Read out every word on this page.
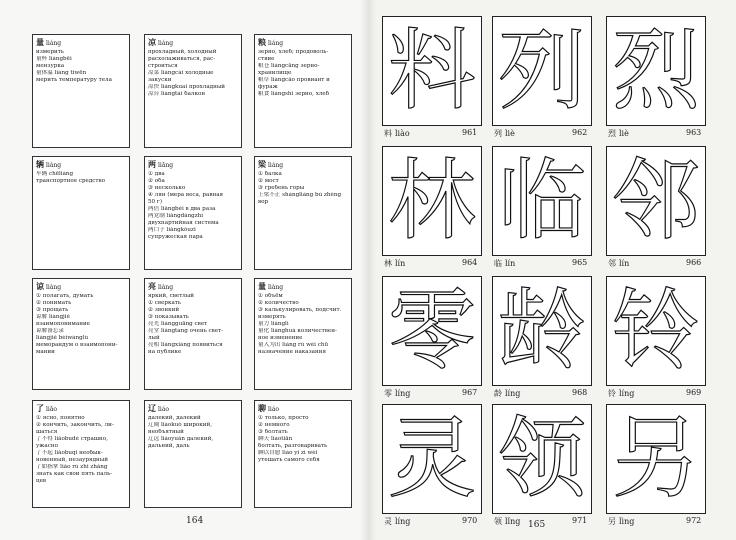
量 liáng
измерить
量杯 liángbēi
мензурка
量体温 liáng tǐwēn
мерить температуру тела
凉 liáng
прохладный, холодный
расхолаживаться, рас-
строиться
凉菜 liángcài холодные
закуски
凉快 liángkuai прохладный
凉台 liángtái балкон
粮 liáng
зерно, хлеб; продоволь-
ствие
粮仓 liángcāng зерно-
хранилище
粮草 liángcǎo провиант и
фураж
粮食 liángshi зерно, хлеб
辆 liàng
车辆 chēliàng
транспортное средство
两 liǎng
① два
② оба
③ несколько
④ лян (мера веса, равная
50 г)
两倍 liǎngbèi в два раза
两党制 liǎngdǎngzhì
двухпартийная система
两口子 liǎngkǒuzi
супружеская пара
梁 liáng
① балка
② мост
③ гребень горы
上梁不正 shàngliáng bú zhèng
вор
谅 liàng
① полагать, думать
② понимать
③ прощать
谅解 liàngjiě
взаимопонимание
谅解备忘录
liàngjiě bèiwànglù
меморандум о взаимопони-
мании
亮 liàng
яркий, светлый
① сверкать
② звонкий
③ показывать
亮光 liàngguāng свет
亮堂 liàngtang очень свет-
лый
亮相 liàngxiàng появиться
на публике
量 liàng
① объём
② количество
③ калькулировать, подсчит.
измерять
量力 liànglì
量化 liànghuà количествен-
ное изменение
量入为出 liàng rù wéi chū
назначение наказания
了 liǎo
① ясно, понятно
② кончить, закончить, ли-
шаться
了不得 liǎobudé страшно,
ужасно
了不起 liǎobuqǐ необык-
новенный, незаурядный
了如指掌 liǎo rú zhǐ zhǎng
знать как свои пять паль-
цев
辽 liáo
далекий, далекий
辽阔 liáokuò широкий,
необъятный
辽远 liáoyuǎn далекий,
дальний, даль
聊 liáo
① только, просто
② немного
③ болтать
聊天 liáotiān
болтать, разговаривать
聊以自慰 liáo yǐ zì wèi
утешать самого себя
164
料
料 liào	961
列
列 liè	962
烈
烈 liè	963
林
林 lín	964
临
临 lín	965
邻
邻 lín	966
零
零 líng	967
龄
龄 líng	968
铃
铃 líng	969
灵
灵 líng	970
领
领 lǐng	971
另
另 lìng	972
165
